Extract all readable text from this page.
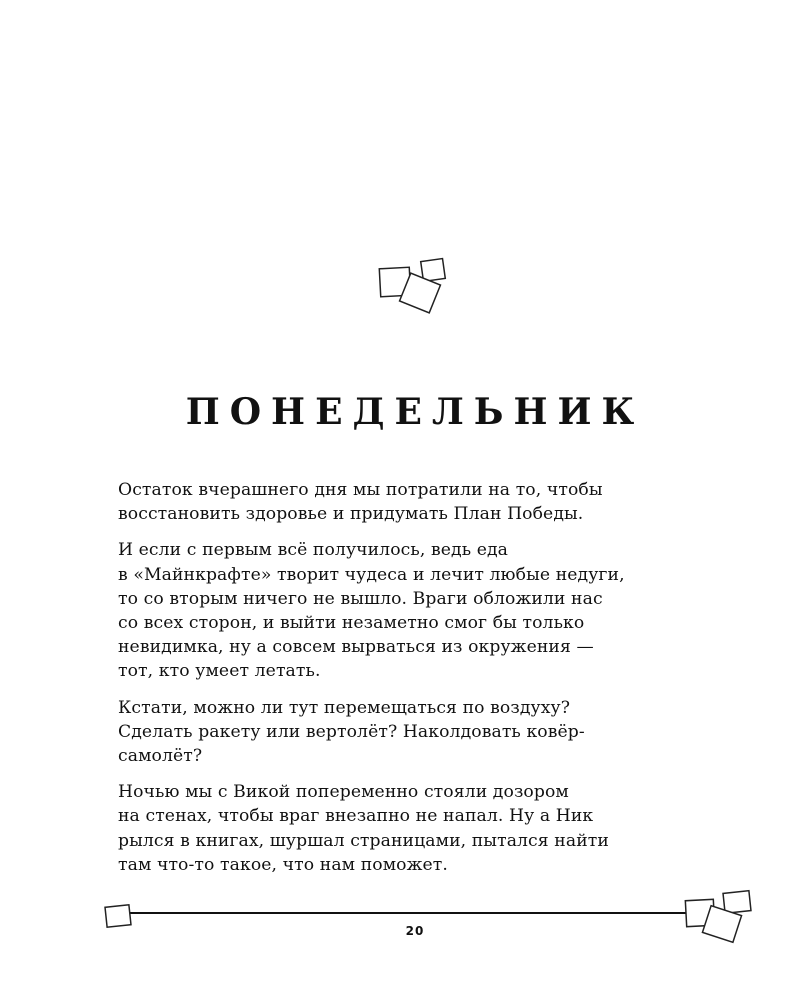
ПОНЕДЕЛЬНИК

Остаток вчерашнего дня мы потратили на то, чтобы
восстановить здоровье и придумать План Победы.

И если с первым всё получилось, ведь еда
в «Майнкрафте» творит чудеса и лечит любые недуги,
то со вторым ничего не вышло. Враги обложили нас
со всех сторон, и выйти незаметно смог бы только
невидимка, ну а совсем вырваться из окружения —
тот, кто умеет летать.

Кстати, можно ли тут перемещаться по воздуху?
Сделать ракету или вертолёт? Наколдовать ковёр-
самолёт?

Ночью мы с Викой попеременно стояли дозором
на стенах, чтобы враг внезапно не напал. Ну а Ник
рылся в книгах, шуршал страницами, пытался найти
там что-то такое, что нам поможет.

20
